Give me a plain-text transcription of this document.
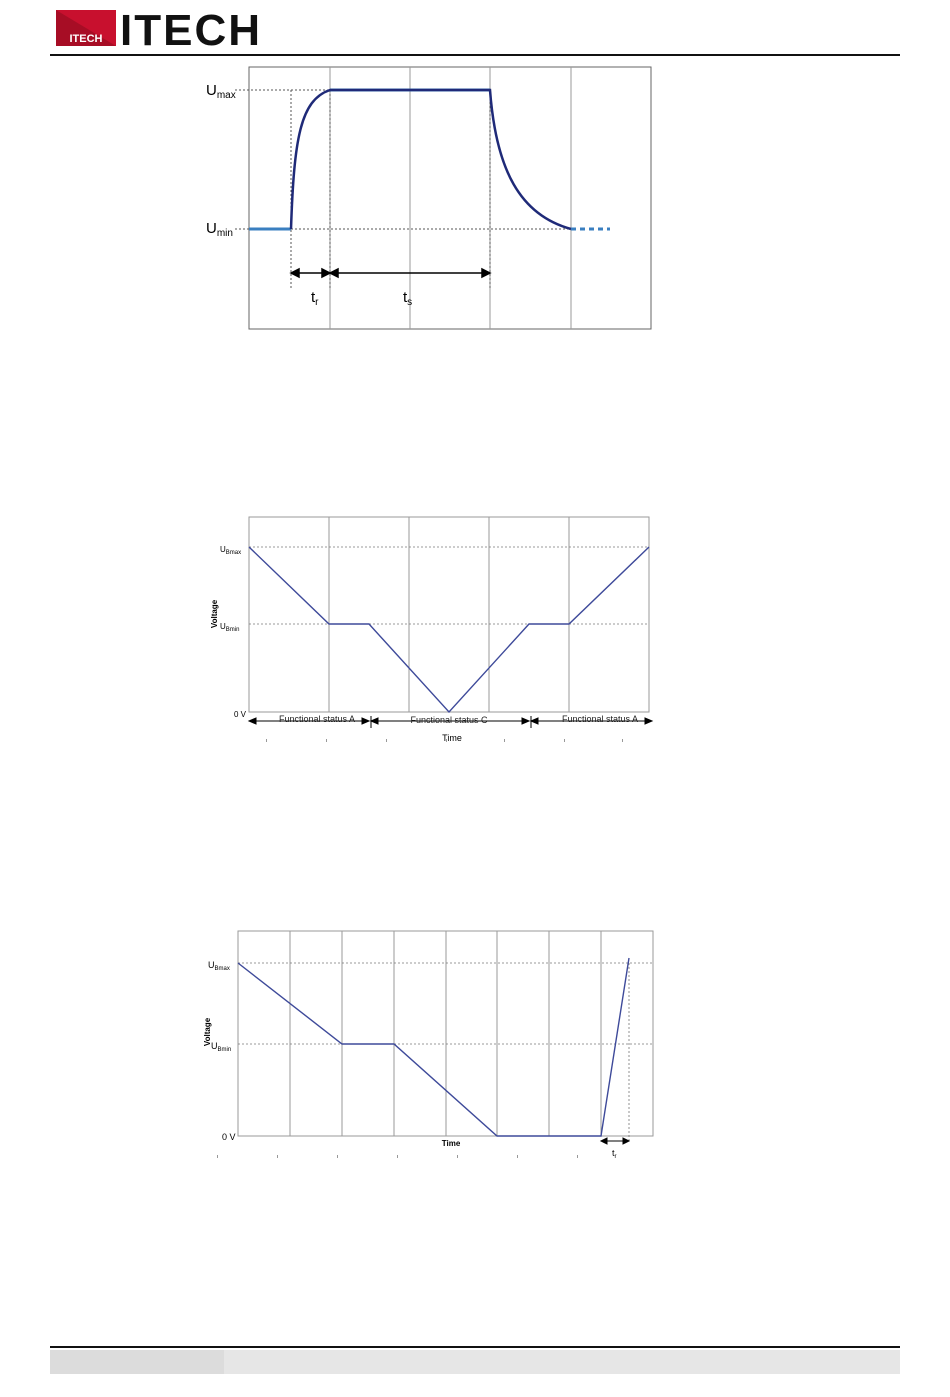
ITECH ITECH
$U_{max}$
$U_{min}$
$t_r$	$t_s$
$U_{Bmax}$
$U_{Bmin}$
0 V
Voltage
Time
Functional status A	Functional status C	Functional status A
$U_{Bmax}$
$U_{Bmin}$
0 V
Voltage
Time
$t_r$
